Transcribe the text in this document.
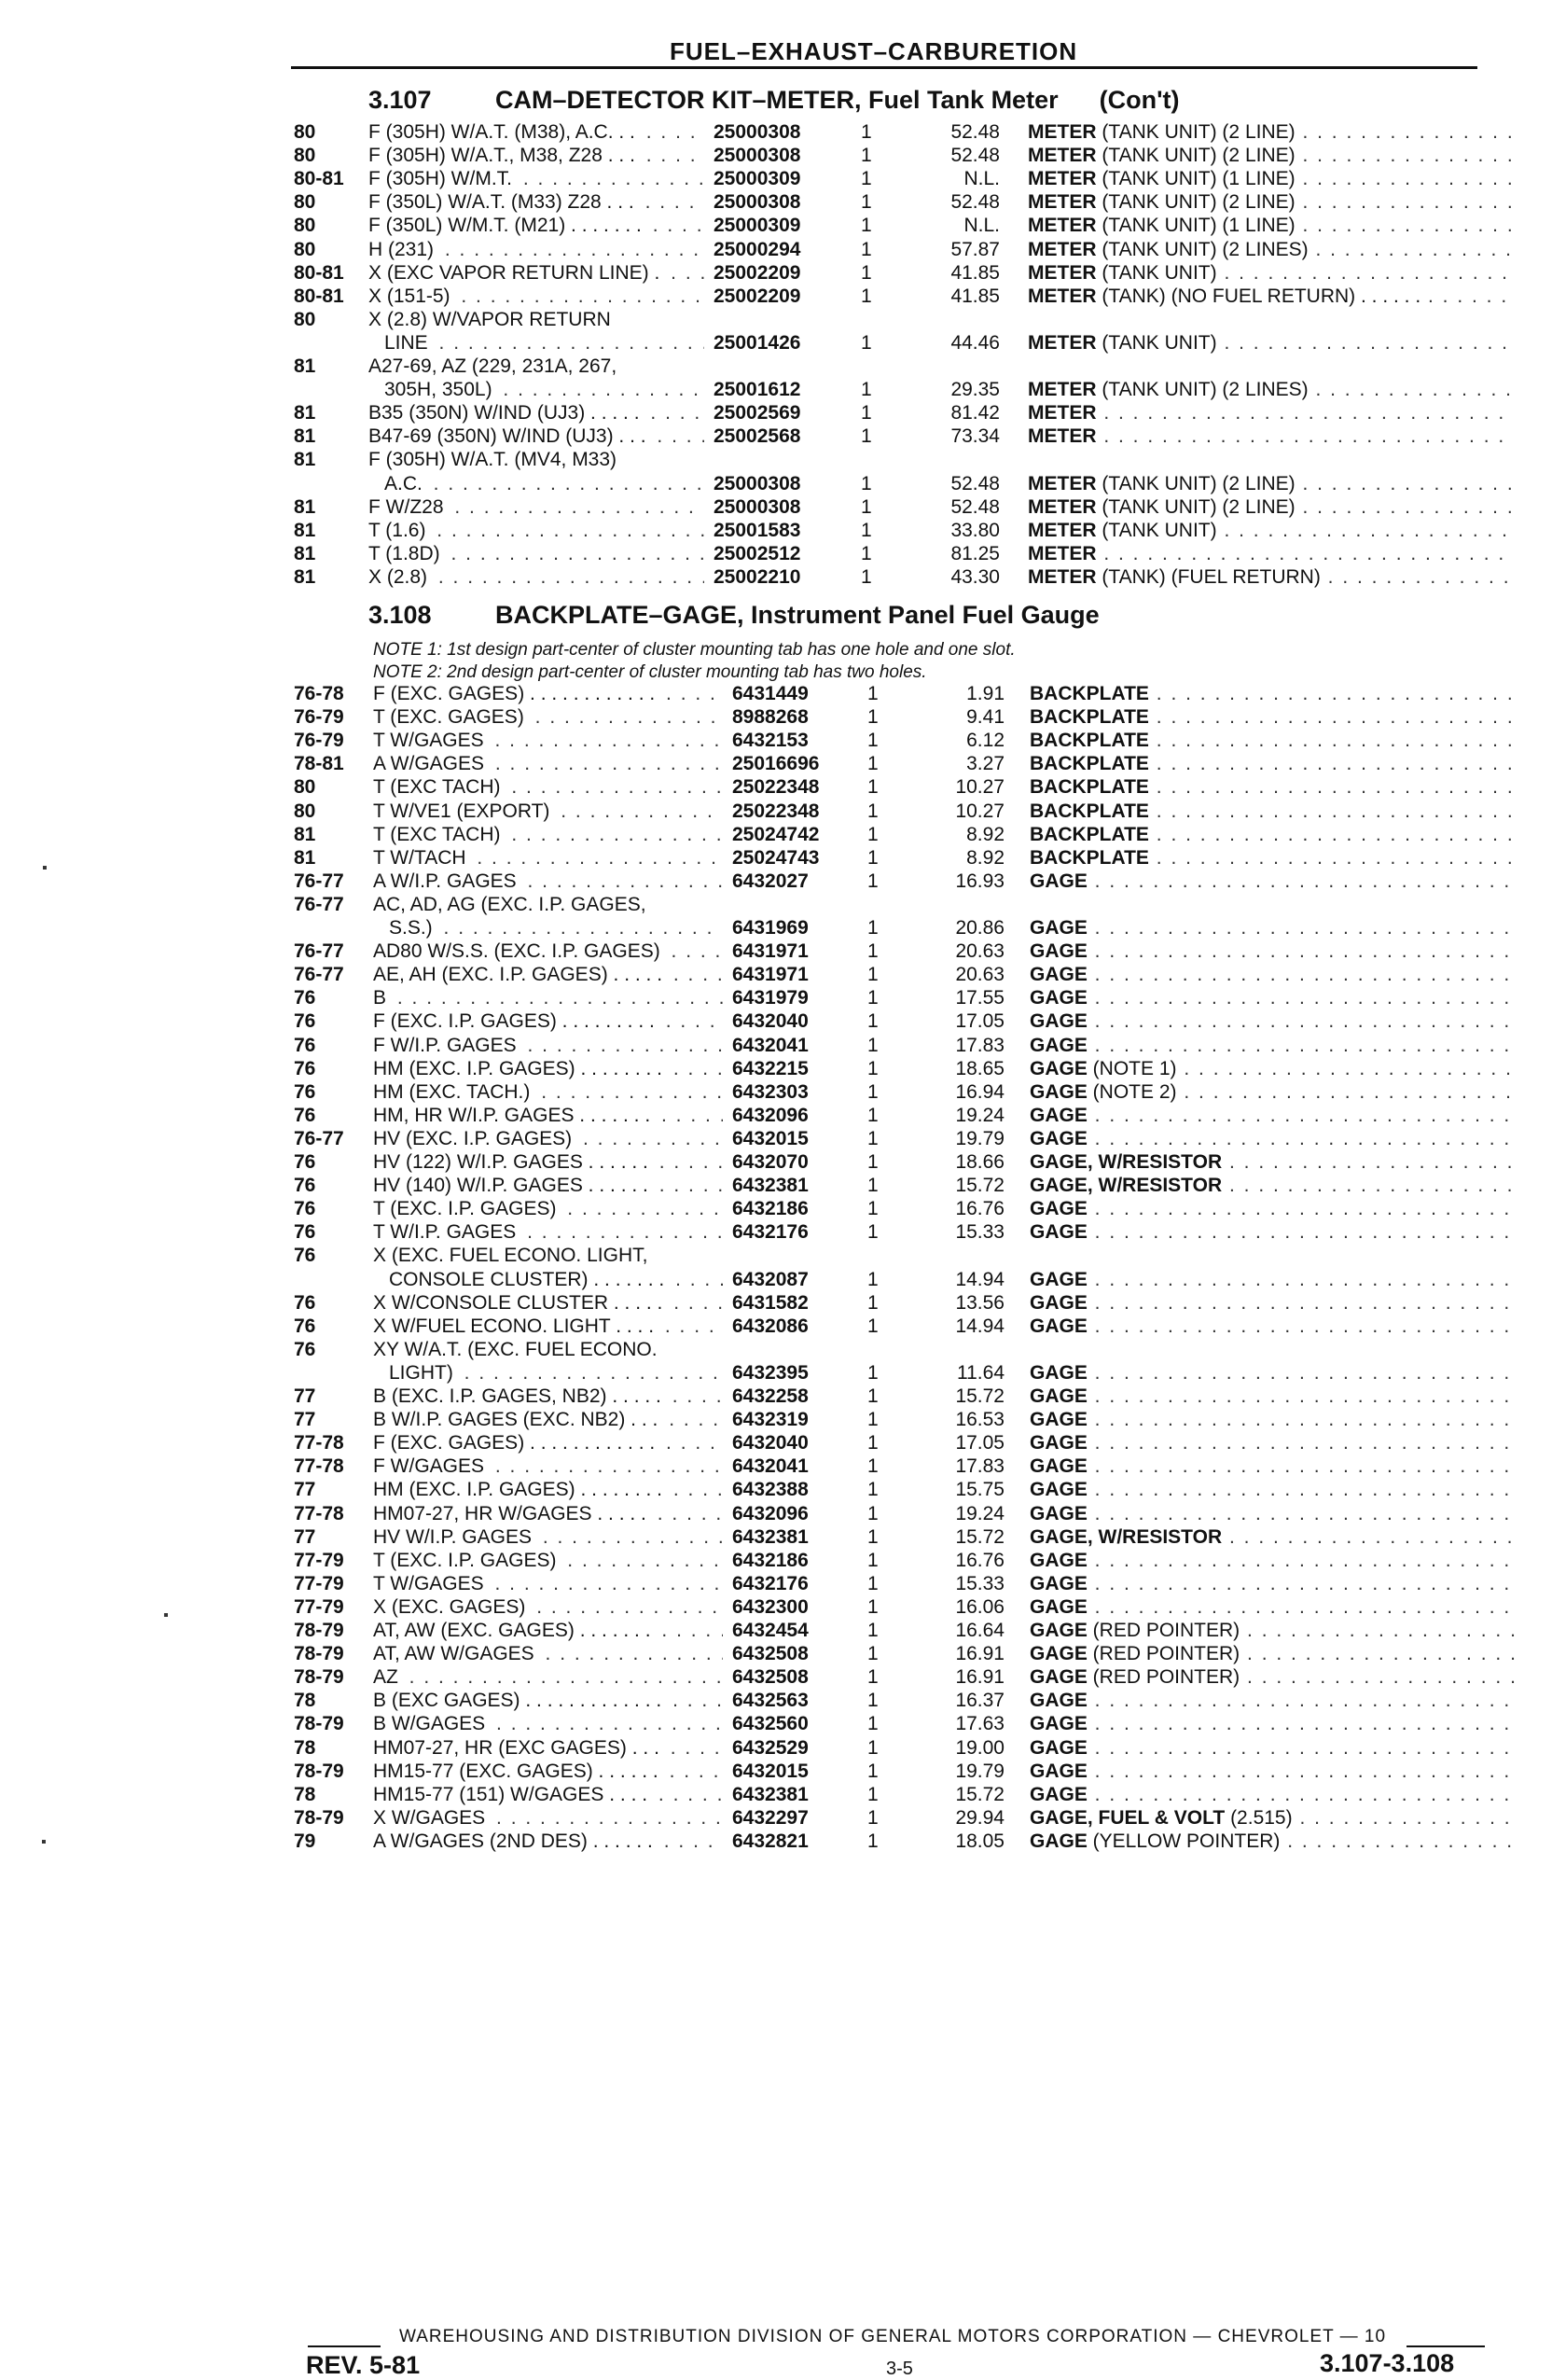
FUEL–EXHAUST–CARBURETION
3.107	CAM–DETECTOR KIT–METER, Fuel Tank Meter (Con't)
3.108	BACKPLATE–GAGE, Instrument Panel Fuel Gauge
NOTE 1: 1st design part-center of cluster mounting tab has one hole and one slot.
NOTE 2: 2nd design part-center of cluster mounting tab has two holes.
80	F (305H) W/A.T. (M38), A.C. . . . . .	25000308	1	52.48 METER (TANK UNIT) (2 LINE) . . .
80	F (305H) W/A.T., M38, Z28 . . . . . .	25000308	1	52.48 METER (TANK UNIT) (2 LINE) . . .
80-81 F (305H) W/M.T. . . .	25000309	1	N.L. METER (TANK UNIT) (1 LINE) . . .
80	F (350L) W/A.T. (M33) Z28 . . . . . .	25000308	1	52.48 METER (TANK UNIT) (2 LINE) . . .
80	F (350L) W/M.T. (M21) . . . . . . . . . .	25000309	1	N.L. METER (TANK UNIT) (1 LINE) . . .
80	H (231) . . .	25000294	1	57.87 METER (TANK UNIT) (2 LINES) . . .
80-81 X (EXC VAPOR RETURN LINE) . . . .	25002209	1	41.85 METER (TANK UNIT) . . .
80-81 X (151-5) . . .	25002209	1	41.85 METER (TANK) (NO FUEL RETURN) . . . . . . . . .
80	X (2.8) W/VAPOR RETURN
LINE . . .	25001426	1	44.46 METER (TANK UNIT) . . .
81	A27-69, AZ (229, 231A, 267,
305H, 350L) . . .	25001612	1	29.35 METER (TANK UNIT) (2 LINES) . . .
81	B35 (350N) W/IND (UJ3) . . . . . . . .	25002569	1	81.42 METER . . .
81	B47-69 (350N) W/IND (UJ3) . . . . . .	25002568	1	73.34 METER . . .
81	F (305H) W/A.T. (MV4, M33)
A.C. . . .	25000308	1	52.48 METER (TANK UNIT) (2 LINE) . . .
81	F W/Z28 . . .	25000308	1	52.48 METER (TANK UNIT) (2 LINE) . . .
81	T (1.6) . . .	25001583	1	33.80 METER (TANK UNIT) . . .
81	T (1.8D) . . .	25002512	1	81.25 METER . . .
81	X (2.8) . . .	25002210	1	43.30 METER (TANK) (FUEL RETURN) . . .
76-78 F (EXC. GAGES) . . . . . . . . . . . . . . .	6431449	1	1.91 BACKPLATE . . .
76-79 T (EXC. GAGES) . . .	8988268	1	9.41 BACKPLATE . . .
76-79 T W/GAGES . . .	6432153	1	6.12 BACKPLATE . . .
78-81 A W/GAGES . . .	25016696 1	3.27 BACKPLATE . . .
80	T (EXC TACH) . . .	25022348 1	10.27 BACKPLATE . . .
80	T W/VE1 (EXPORT) . . .	25022348 1	10.27 BACKPLATE . . .
81	T (EXC TACH) . . .	25024742 1	8.92 BACKPLATE . . .
81	T W/TACH . . .	25024743 1	8.92 BACKPLATE . . .
76-77 A W/I.P. GAGES . . .	6432027	1	16.93 GAGE . . .
76-77 AC, AD, AG (EXC. I.P. GAGES,
S.S.) . . .	6431969	1	20.86 GAGE . . .
76-77 AD80 W/S.S. (EXC. I.P. GAGES) . . .	6431971	1	20.63 GAGE . . .
76-77 AE, AH (EXC. I.P. GAGES) . . . . . . . .	6431971	1	20.63 GAGE . . .
76	B . . .	6431979	1	17.55 GAGE . . .
76	F (EXC. I.P. GAGES) . . . . . . . . . . . .	6432040	1	17.05 GAGE . . .
76	F W/I.P. GAGES . . .	6432041	1	17.83 GAGE . . .
76	HM (EXC. I.P. GAGES) . . . . . . . . . . .	6432215	1	18.65 GAGE (NOTE 1) . . .
76	HM (EXC. TACH.) . . .	6432303	1	16.94 GAGE (NOTE 2) . . .
76	HM, HR W/I.P. GAGES . . . . . . . . . .	6432096	1	19.24 GAGE . . .
76-77 HV (EXC. I.P. GAGES) . . .	6432015	1	19.79 GAGE . . .
76	HV (122) W/I.P. GAGES . . . . . . . . .	6432070	1	18.66 GAGE, W/RESISTOR . . .
76	HV (140) W/I.P. GAGES . . . . . . . . .	6432381	1	15.72 GAGE, W/RESISTOR . . .
76	T (EXC. I.P. GAGES) . . .	6432186	1	16.76 GAGE . . .
76	T W/I.P. GAGES . . .	6432176	1	15.33 GAGE . . .
76	X (EXC. FUEL ECONO. LIGHT,
CONSOLE CLUSTER) . . . . . . . . . .	6432087	1	14.94 GAGE . . .
76	X W/CONSOLE CLUSTER . . . . . . . .	6431582	1	13.56 GAGE . . .
76	X W/FUEL ECONO. LIGHT . . . . . . .	6432086	1	14.94 GAGE . . .
76	XY W/A.T. (EXC. FUEL ECONO.
LIGHT) . . .	6432395	1	11.64 GAGE . . .
77	B (EXC. I.P. GAGES, NB2) . . . . . . . .	6432258	1	15.72 GAGE . . .
77	B W/I.P. GAGES (EXC. NB2) . . . . . .	6432319	1	16.53 GAGE . . .
77-78 F (EXC. GAGES) . . . . . . . . . . . . . . .	6432040	1	17.05 GAGE . . .
77-78 F W/GAGES . . .	6432041	1	17.83 GAGE . . .
77	HM (EXC. I.P. GAGES) . . . . . . . . . . .	6432388	1	15.75 GAGE . . .
77-78 HM07-27, HR W/GAGES . . . . . . . .	6432096	1	19.24 GAGE . . .
77	HV W/I.P. GAGES . . .	6432381	1	15.72 GAGE, W/RESISTOR . . .
77-79 T (EXC. I.P. GAGES) . . .	6432186	1	16.76 GAGE . . .
77-79 T W/GAGES . . .	6432176	1	15.33 GAGE . . .
77-79 X (EXC. GAGES) . . .	6432300	1	16.06 GAGE . . .
78-79 AT, AW (EXC. GAGES) . . . . . . . . . .	6432454	1	16.64 GAGE (RED POINTER) . . .
78-79 AT, AW W/GAGES . . .	6432508	1	16.91 GAGE (RED POINTER) . . .
78-79 AZ . . .	6432508	1	16.91 GAGE (RED POINTER) . . .
78	B (EXC GAGES) . . . . . . . . . . . . . . . .	6432563	1	16.37 GAGE . . .
78-79 B W/GAGES . . .	6432560	1	17.63 GAGE . . .
78	HM07-27, HR (EXC GAGES) . . . . . .	6432529	1	19.00 GAGE . . .
78-79 HM15-77 (EXC. GAGES) . . . . . . . . .	6432015	1	19.79 GAGE . . .
78	HM15-77 (151) W/GAGES . . . . . . .	6432381	1	15.72 GAGE . . .
78-79 X W/GAGES . . .	6432297	1	29.94 GAGE, FUEL & VOLT (2.515) . . .
79	A W/GAGES (2ND DES) . . . . . . . . .	6432821	1	18.05 GAGE (YELLOW POINTER) . . .
▪
▪
▪
WAREHOUSING AND DISTRIBUTION DIVISION OF GENERAL MOTORS CORPORATION — CHEVROLET — 10
REV. 5-81	3-5	3.107-3.108
